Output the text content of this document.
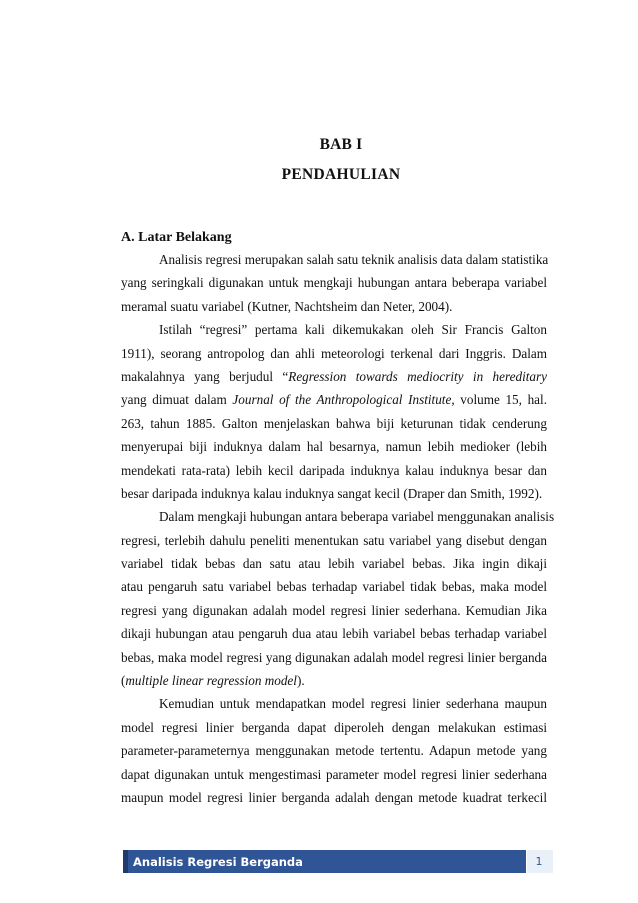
BAB I
PENDAHULIAN
A. Latar Belakang
Analisis regresi merupakan salah satu teknik analisis data dalam statistika
yang seringkali digunakan untuk mengkaji hubungan antara beberapa variabel
meramal suatu variabel (Kutner, Nachtsheim dan Neter, 2004).
Istilah “regresi” pertama kali dikemukakan oleh Sir Francis Galton
1911), seorang antropolog dan ahli meteorologi terkenal dari Inggris. Dalam
makalahnya yang berjudul “Regression towards mediocrity in hereditary
yang dimuat dalam Journal of the Anthropological Institute, volume 15, hal.
263, tahun 1885. Galton menjelaskan bahwa biji keturunan tidak cenderung
menyerupai biji induknya dalam hal besarnya, namun lebih medioker (lebih
mendekati rata-rata) lebih kecil daripada induknya kalau induknya besar dan
besar daripada induknya kalau induknya sangat kecil (Draper dan Smith, 1992).
Dalam mengkaji hubungan antara beberapa variabel menggunakan analisis
regresi, terlebih dahulu peneliti menentukan satu variabel yang disebut dengan
variabel tidak bebas dan satu atau lebih variabel bebas. Jika ingin dikaji
atau pengaruh satu variabel bebas terhadap variabel tidak bebas, maka model
regresi yang digunakan adalah model regresi linier sederhana. Kemudian Jika
dikaji hubungan atau pengaruh dua atau lebih variabel bebas terhadap variabel
bebas, maka model regresi yang digunakan adalah model regresi linier berganda
(multiple linear regression model).
Kemudian untuk mendapatkan model regresi linier sederhana maupun
model regresi linier berganda dapat diperoleh dengan melakukan estimasi
parameter-parameternya menggunakan metode tertentu. Adapun metode yang
dapat digunakan untuk mengestimasi parameter model regresi linier sederhana
maupun model regresi linier berganda adalah dengan metode kuadrat terkecil
Analisis Regresi Berganda	1
